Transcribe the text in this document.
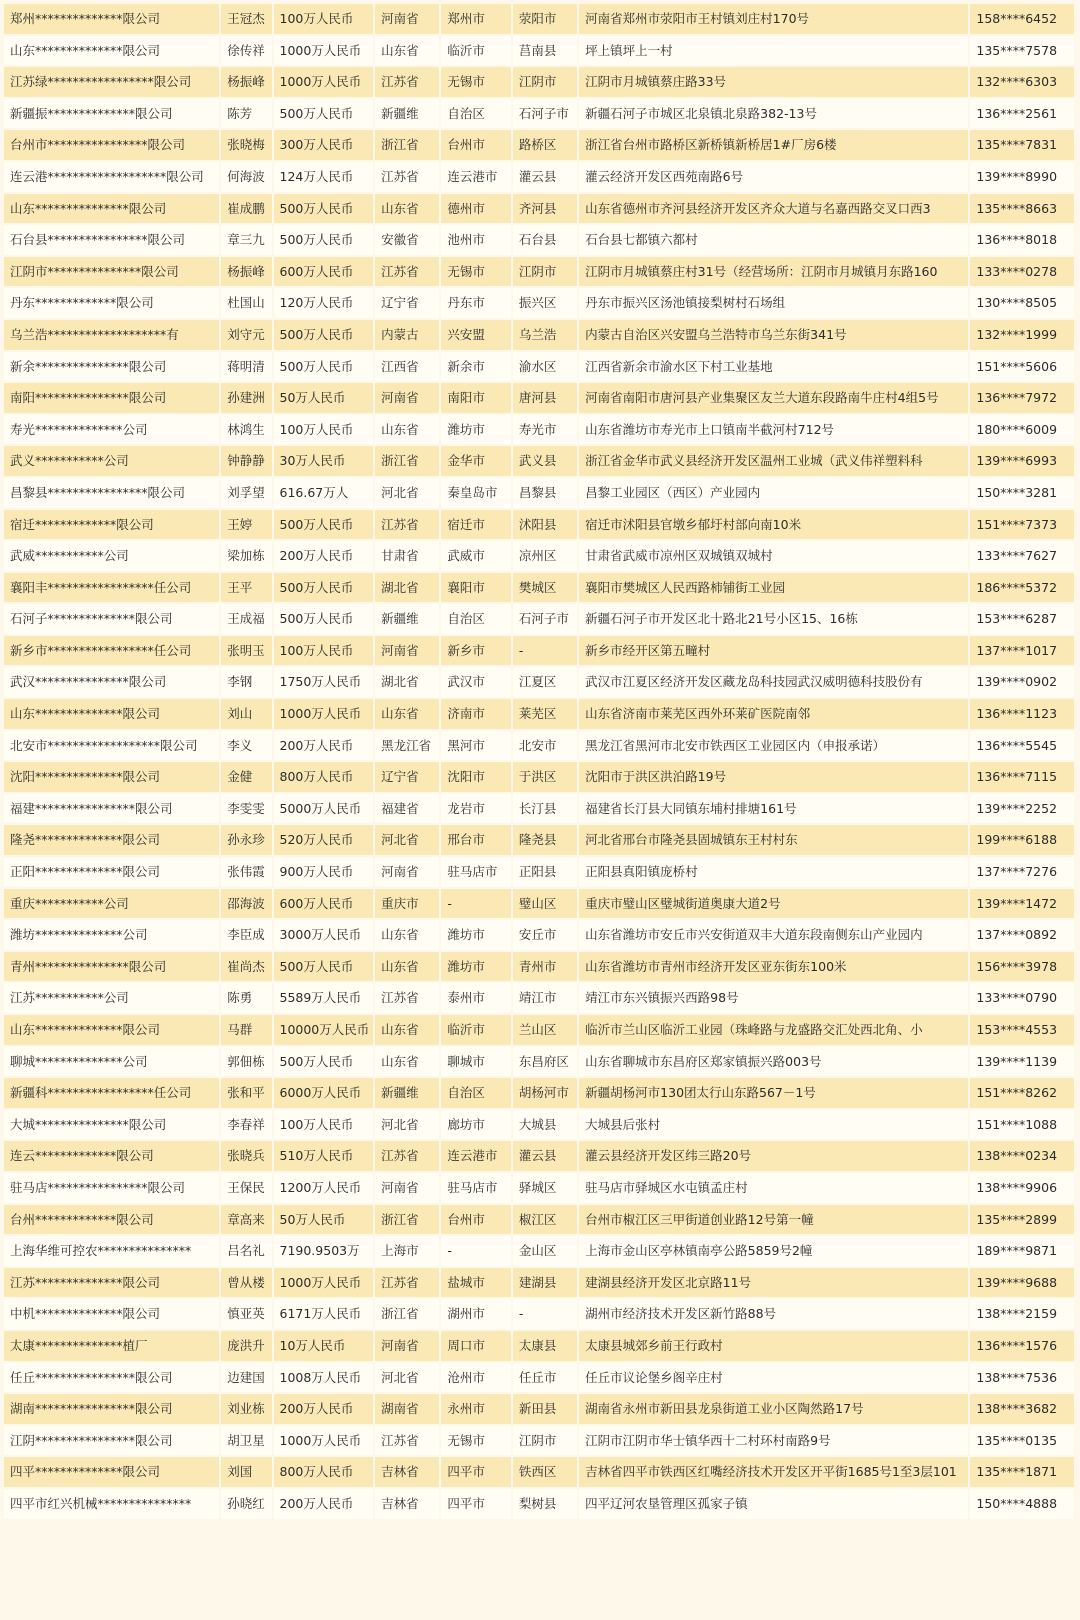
郑州**************限公司	王冠杰	100万人民币	河南省	郑州市	荥阳市	河南省郑州市荥阳市王村镇刘庄村170号	158****6452
山东**************限公司	徐传祥	1000万人民币	山东省	临沂市	莒南县	坪上镇坪上一村	135****7578
江苏绿*****************限公司	杨振峰	1000万人民币	江苏省	无锡市	江阴市	江阴市月城镇蔡庄路33号	132****6303
新疆振**************限公司	陈芳	500万人民币	新疆维	自治区	石河子市	新疆石河子市城区北泉镇北泉路382-13号	136****2561
台州市****************限公司	张晓梅	300万人民币	浙江省	台州市	路桥区	浙江省台州市路桥区新桥镇新桥居1#厂房6楼	135****7831
连云港*******************限公司	何海波	124万人民币	江苏省	连云港市	灌云县	灌云经济开发区西苑南路6号	139****8990
山东***************限公司	崔成鹏	500万人民币	山东省	德州市	齐河县	山东省德州市齐河县经济开发区齐众大道与名嘉西路交叉口西3	135****8663
石台县****************限公司	章三九	500万人民币	安徽省	池州市	石台县	石台县七都镇六都村	136****8018
江阴市***************限公司	杨振峰	600万人民币	江苏省	无锡市	江阴市	江阴市月城镇蔡庄村31号（经营场所：江阴市月城镇月东路160	133****0278
丹东*************限公司	杜国山	120万人民币	辽宁省	丹东市	振兴区	丹东市振兴区汤池镇接梨树村石场组	130****8505
乌兰浩*******************有	刘守元	500万人民币	内蒙古	兴安盟	乌兰浩	内蒙古自治区兴安盟乌兰浩特市乌兰东街341号	132****1999
新余***************限公司	蒋明清	500万人民币	江西省	新余市	渝水区	江西省新余市渝水区下村工业基地	151****5606
南阳***************限公司	孙建洲	50万人民币	河南省	南阳市	唐河县	河南省南阳市唐河县产业集聚区友兰大道东段路南牛庄村4组5号	136****7972
寿光**************公司	林鸿生	100万人民币	山东省	潍坊市	寿光市	山东省潍坊市寿光市上口镇南半截河村712号	180****6009
武义***********公司	钟静静	30万人民币	浙江省	金华市	武义县	浙江省金华市武义县经济开发区温州工业城（武义伟祥塑料科	139****6993
昌黎县****************限公司	刘孚望	616.67万人	河北省	秦皇岛市	昌黎县	昌黎工业园区（西区）产业园内	150****3281
宿迁*************限公司	王婷	500万人民币	江苏省	宿迁市	沭阳县	宿迁市沭阳县官墩乡郁圩村部向南10米	151****7373
武威***********公司	梁加栋	200万人民币	甘肃省	武威市	凉州区	甘肃省武威市凉州区双城镇双城村	133****7627
襄阳丰*****************任公司	王平	500万人民币	湖北省	襄阳市	樊城区	襄阳市樊城区人民西路柿铺街工业园	186****5372
石河子**************限公司	王成福	500万人民币	新疆维	自治区	石河子市	新疆石河子市开发区北十路北21号小区15、16栋	153****6287
新乡市*****************任公司	张明玉	100万人民币	河南省	新乡市	-	新乡市经开区第五疃村	137****1017
武汉***************限公司	李钢	1750万人民币	湖北省	武汉市	江夏区	武汉市江夏区经济开发区藏龙岛科技园武汉威明德科技股份有	139****0902
山东**************限公司	刘山	1000万人民币	山东省	济南市	莱芜区	山东省济南市莱芜区西外环莱矿医院南邻	136****1123
北安市******************限公司	李义	200万人民币	黑龙江省	黑河市	北安市	黑龙江省黑河市北安市铁西区工业园区内（申报承诺）	136****5545
沈阳**************限公司	金健	800万人民币	辽宁省	沈阳市	于洪区	沈阳市于洪区洪泊路19号	136****7115
福建****************限公司	李雯雯	5000万人民币	福建省	龙岩市	长汀县	福建省长汀县大同镇东埔村排塘161号	139****2252
隆尧**************限公司	孙永珍	520万人民币	河北省	邢台市	隆尧县	河北省邢台市隆尧县固城镇东王村村东	199****6188
正阳**************限公司	张伟霞	900万人民币	河南省	驻马店市	正阳县	正阳县真阳镇庞桥村	137****7276
重庆***********公司	邵海波	600万人民币	重庆市	-	璧山区	重庆市璧山区璧城街道奥康大道2号	139****1472
潍坊**************公司	李臣成	3000万人民币	山东省	潍坊市	安丘市	山东省潍坊市安丘市兴安街道双丰大道东段南侧东山产业园内	137****0892
青州***************限公司	崔尚杰	500万人民币	山东省	潍坊市	青州市	山东省潍坊市青州市经济开发区亚东街东100米	156****3978
江苏***********公司	陈勇	5589万人民币	江苏省	泰州市	靖江市	靖江市东兴镇振兴西路98号	133****0790
山东**************限公司	马群	10000万人民币	山东省	临沂市	兰山区	临沂市兰山区临沂工业园（珠峰路与龙盛路交汇处西北角、小	153****4553
聊城**************公司	郭佃栋	500万人民币	山东省	聊城市	东昌府区	山东省聊城市东昌府区郑家镇振兴路003号	139****1139
新疆科*****************任公司	张和平	6000万人民币	新疆维	自治区	胡杨河市	新疆胡杨河市130团太行山东路567－1号	151****8262
大城***************限公司	李春祥	100万人民币	河北省	廊坊市	大城县	大城县后张村	151****1088
连云*************限公司	张晓兵	510万人民币	江苏省	连云港市	灌云县	灌云县经济开发区纬三路20号	138****0234
驻马店****************限公司	王保民	1200万人民币	河南省	驻马店市	驿城区	驻马店市驿城区水屯镇孟庄村	138****9906
台州*************限公司	章高来	50万人民币	浙江省	台州市	椒江区	台州市椒江区三甲街道创业路12号第一幢	135****2899
上海华维可控农***************	吕名礼	7190.9503万	上海市	-	金山区	上海市金山区亭林镇南亭公路5859号2幢	189****9871
江苏**************限公司	曾从楼	1000万人民币	江苏省	盐城市	建湖县	建湖县经济开发区北京路11号	139****9688
中机**************限公司	慎亚英	6171万人民币	浙江省	湖州市	-	湖州市经济技术开发区新竹路88号	138****2159
太康**************植厂	庞洪升	10万人民币	河南省	周口市	太康县	太康县城郊乡前王行政村	136****1576
任丘****************限公司	边建国	1008万人民币	河北省	沧州市	任丘市	任丘市议论堡乡阁辛庄村	138****7536
湖南****************限公司	刘业栋	200万人民币	湖南省	永州市	新田县	湖南省永州市新田县龙泉街道工业小区陶然路17号	138****3682
江阴****************限公司	胡卫星	1000万人民币	江苏省	无锡市	江阴市	江阴市江阴市华士镇华西十二村环村南路9号	135****0135
四平**************限公司	刘国	800万人民币	吉林省	四平市	铁西区	吉林省四平市铁西区红嘴经济技术开发区开平街1685号1至3层101	135****1871
四平市红兴机械***************	孙晓红	200万人民币	吉林省	四平市	梨树县	四平辽河农垦管理区孤家子镇	150****4888
